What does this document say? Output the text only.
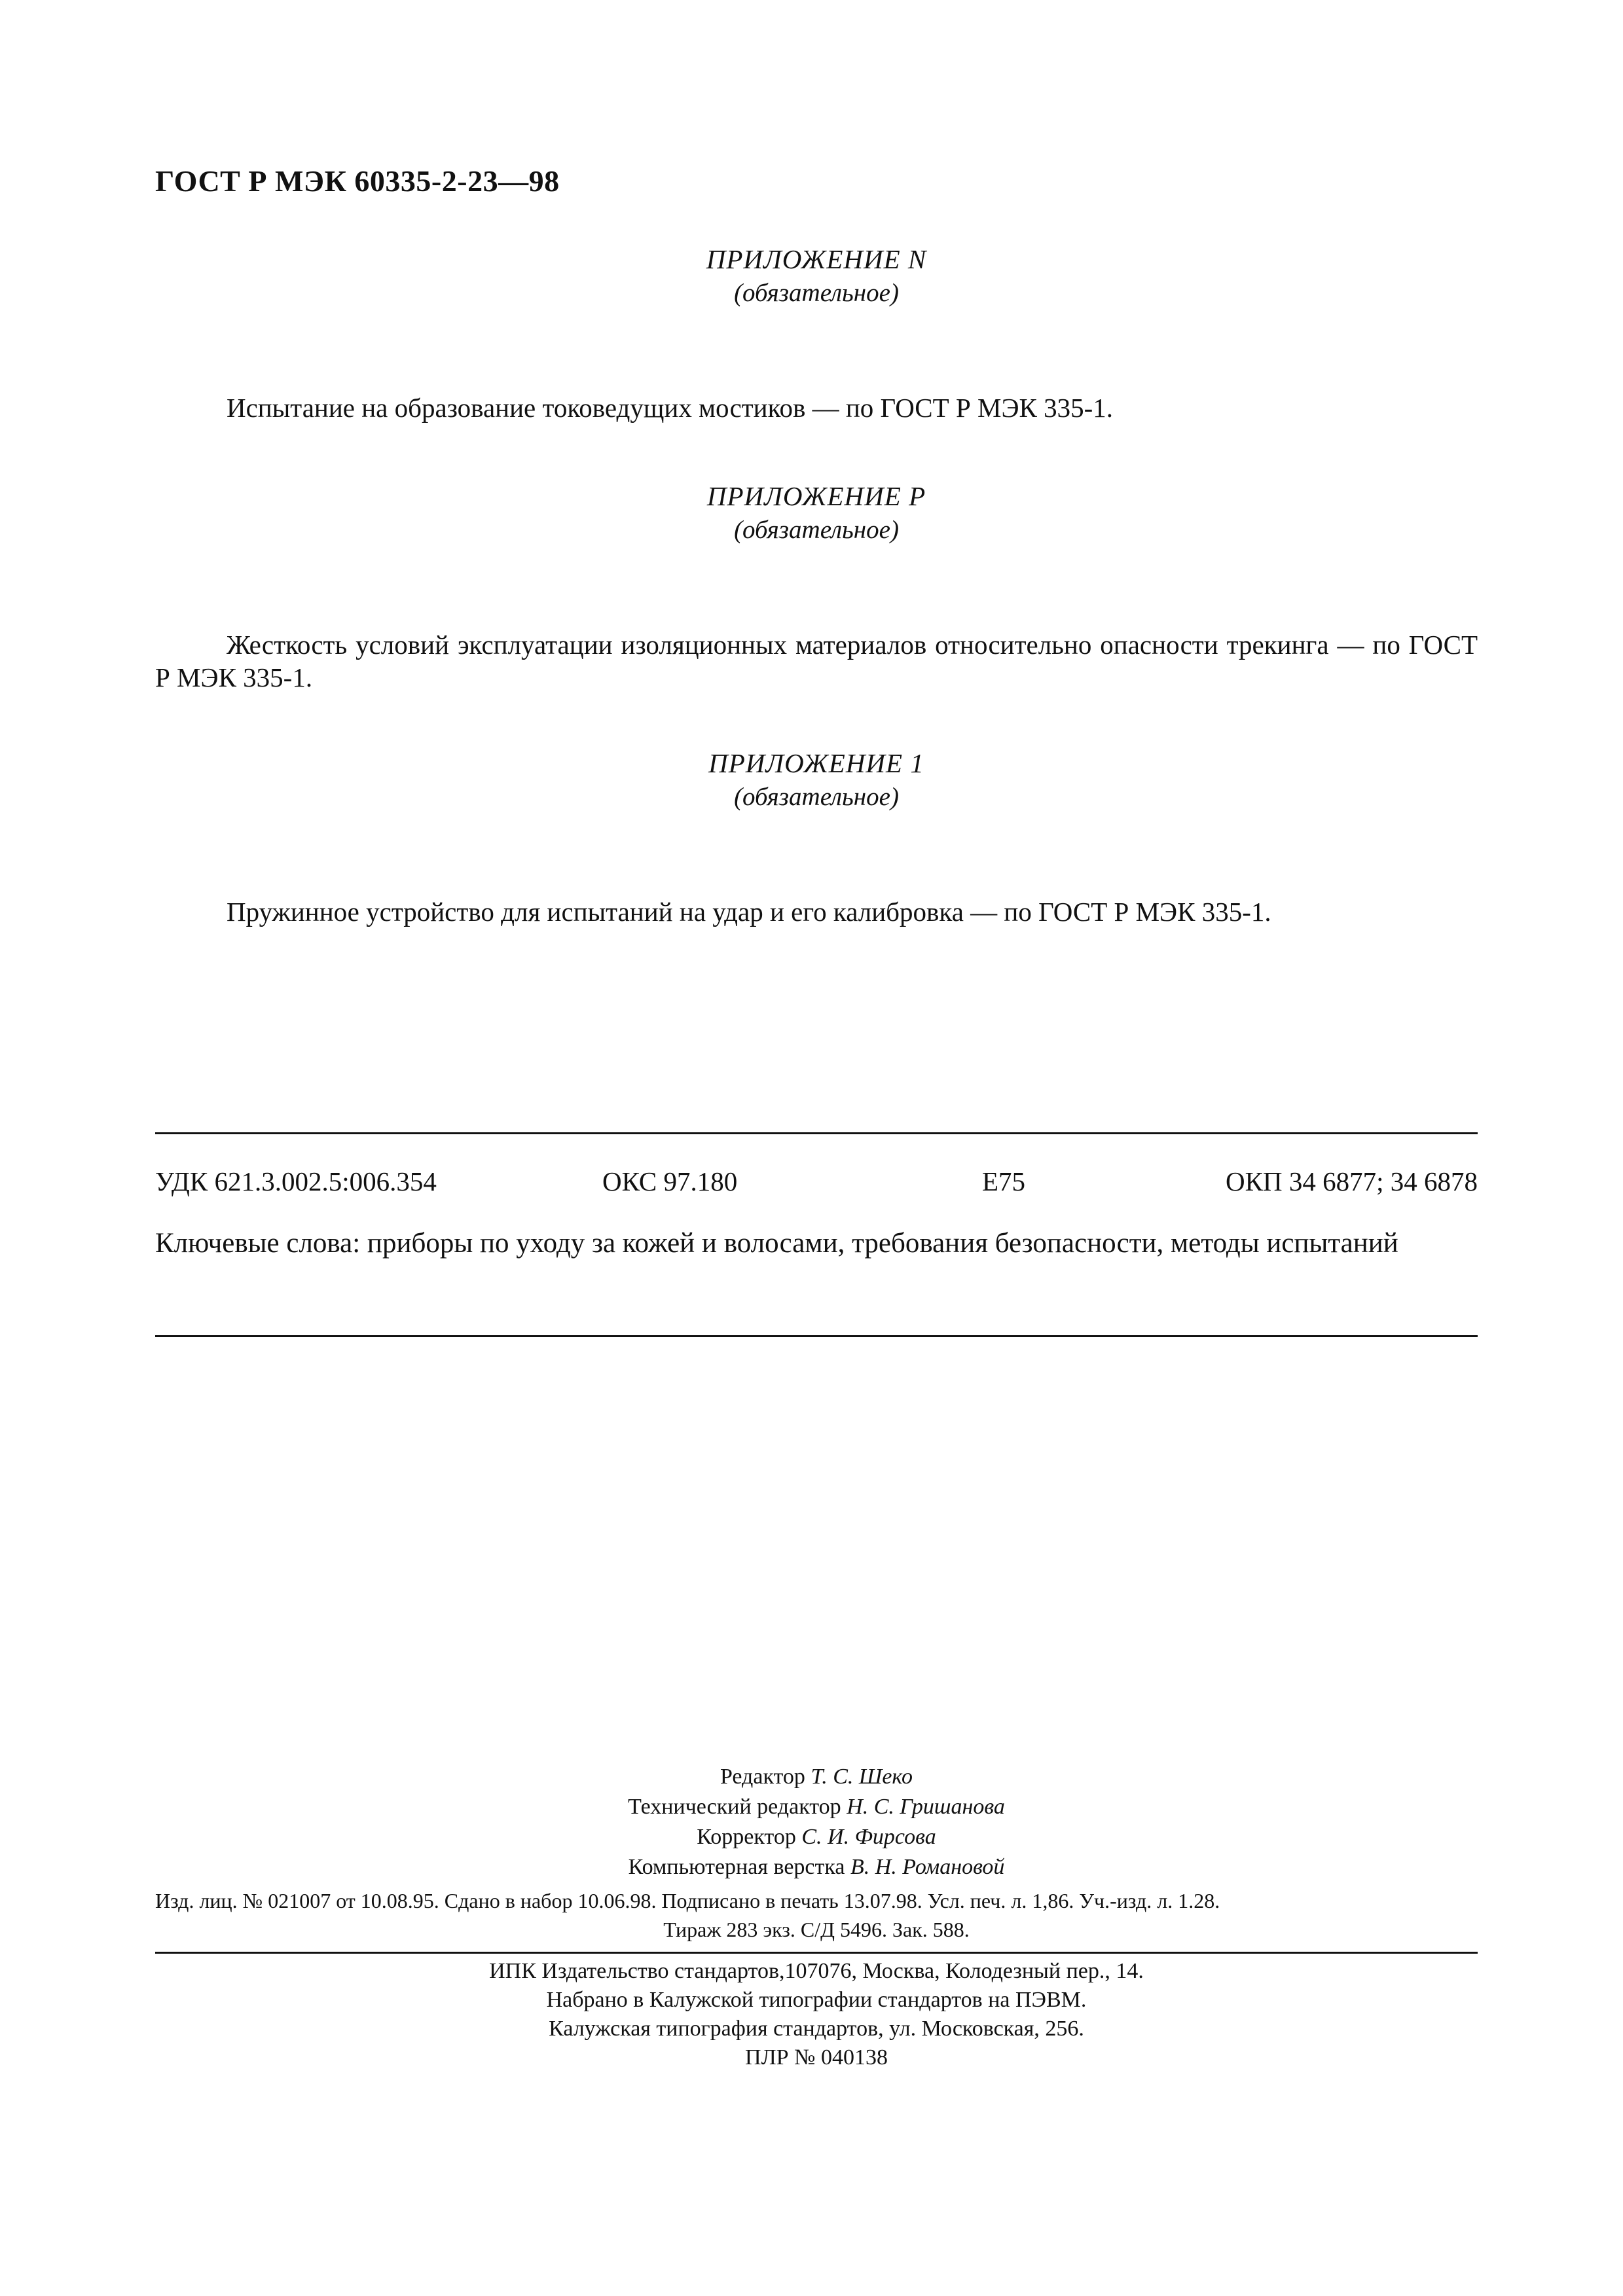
ГОСТ Р МЭК 60335-2-23—98
ПРИЛОЖЕНИЕ N
(обязательное)
Испытание на образование токоведущих мостиков — по ГОСТ Р МЭК 335-1.
ПРИЛОЖЕНИЕ P
(обязательное)
Жесткость условий эксплуатации изоляционных материалов относительно опасности трекинга — по ГОСТ Р МЭК 335-1.
ПРИЛОЖЕНИЕ 1
(обязательное)
Пружинное устройство для испытаний на удар и его калибровка — по ГОСТ Р МЭК 335-1.
УДК 621.3.002.5:006.354	ОКС 97.180	Е75	ОКП 34 6877; 34 6878
Ключевые слова: приборы по уходу за кожей и волосами, требования безопасности, методы испытаний
Редактор Т. С. Шеко
Технический редактор Н. С. Гришанова
Корректор С. И. Фирсова
Компьютерная верстка В. Н. Романовой
Изд. лиц. № 021007 от 10.08.95. Сдано в набор 10.06.98. Подписано в печать 13.07.98. Усл. печ. л. 1,86. Уч.-изд. л. 1.28.
Тираж 283 экз. С/Д 5496. Зак. 588.
ИПК Издательство стандартов,107076, Москва, Колодезный пер., 14.
Набрано в Калужской типографии стандартов на ПЭВМ.
Калужская типография стандартов, ул. Московская, 256.
ПЛР № 040138
